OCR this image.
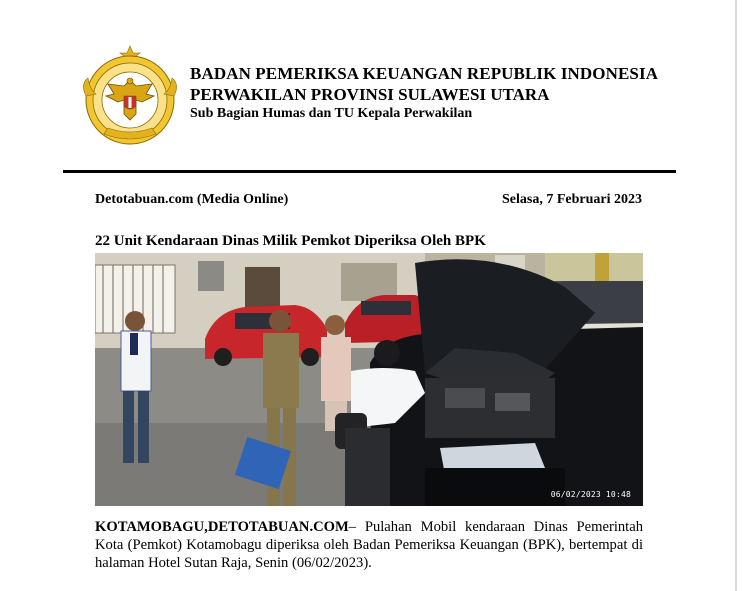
BADAN PEMERIKSA KEUANGAN REPUBLIK INDONESIA
PERWAKILAN PROVINSI SULAWESI UTARA
Sub Bagian Humas dan TU Kepala Perwakilan
Detotabuan.com (Media Online)	Selasa, 7 Februari 2023
22 Unit Kendaraan Dinas Milik Pemkot Diperiksa Oleh BPK
06/02/2023 10:48
KOTAMOBAGU,DETOTABUAN.COM– Pulahan Mobil kendaraan Dinas Pemerintah Kota (Pemkot) Kotamobagu diperiksa oleh Badan Pemeriksa Keuangan (BPK), bertempat di halaman Hotel Sutan Raja, Senin (06/02/2023).
